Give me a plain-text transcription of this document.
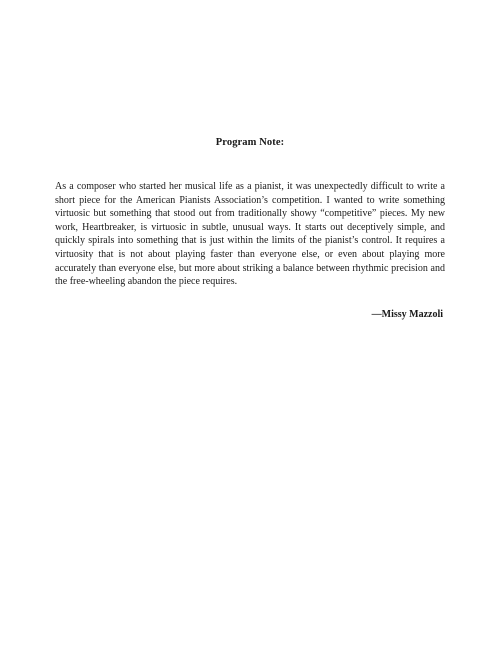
Program Note:

As a composer who started her musical life as a pianist, it was unexpectedly difficult to write a short piece for the American Pianists Association’s competition. I wanted to write something virtuosic but something that stood out from traditionally showy “competitive” pieces. My new work, Heartbreaker, is virtuosic in subtle, unusual ways. It starts out deceptively simple, and quickly spirals into something that is just within the limits of the pianist’s control. It requires a virtuosity that is not about playing faster than everyone else, or even about playing more accurately than everyone else, but more about striking a balance between rhythmic precision and the free-wheeling abandon the piece requires.

—Missy Mazzoli
